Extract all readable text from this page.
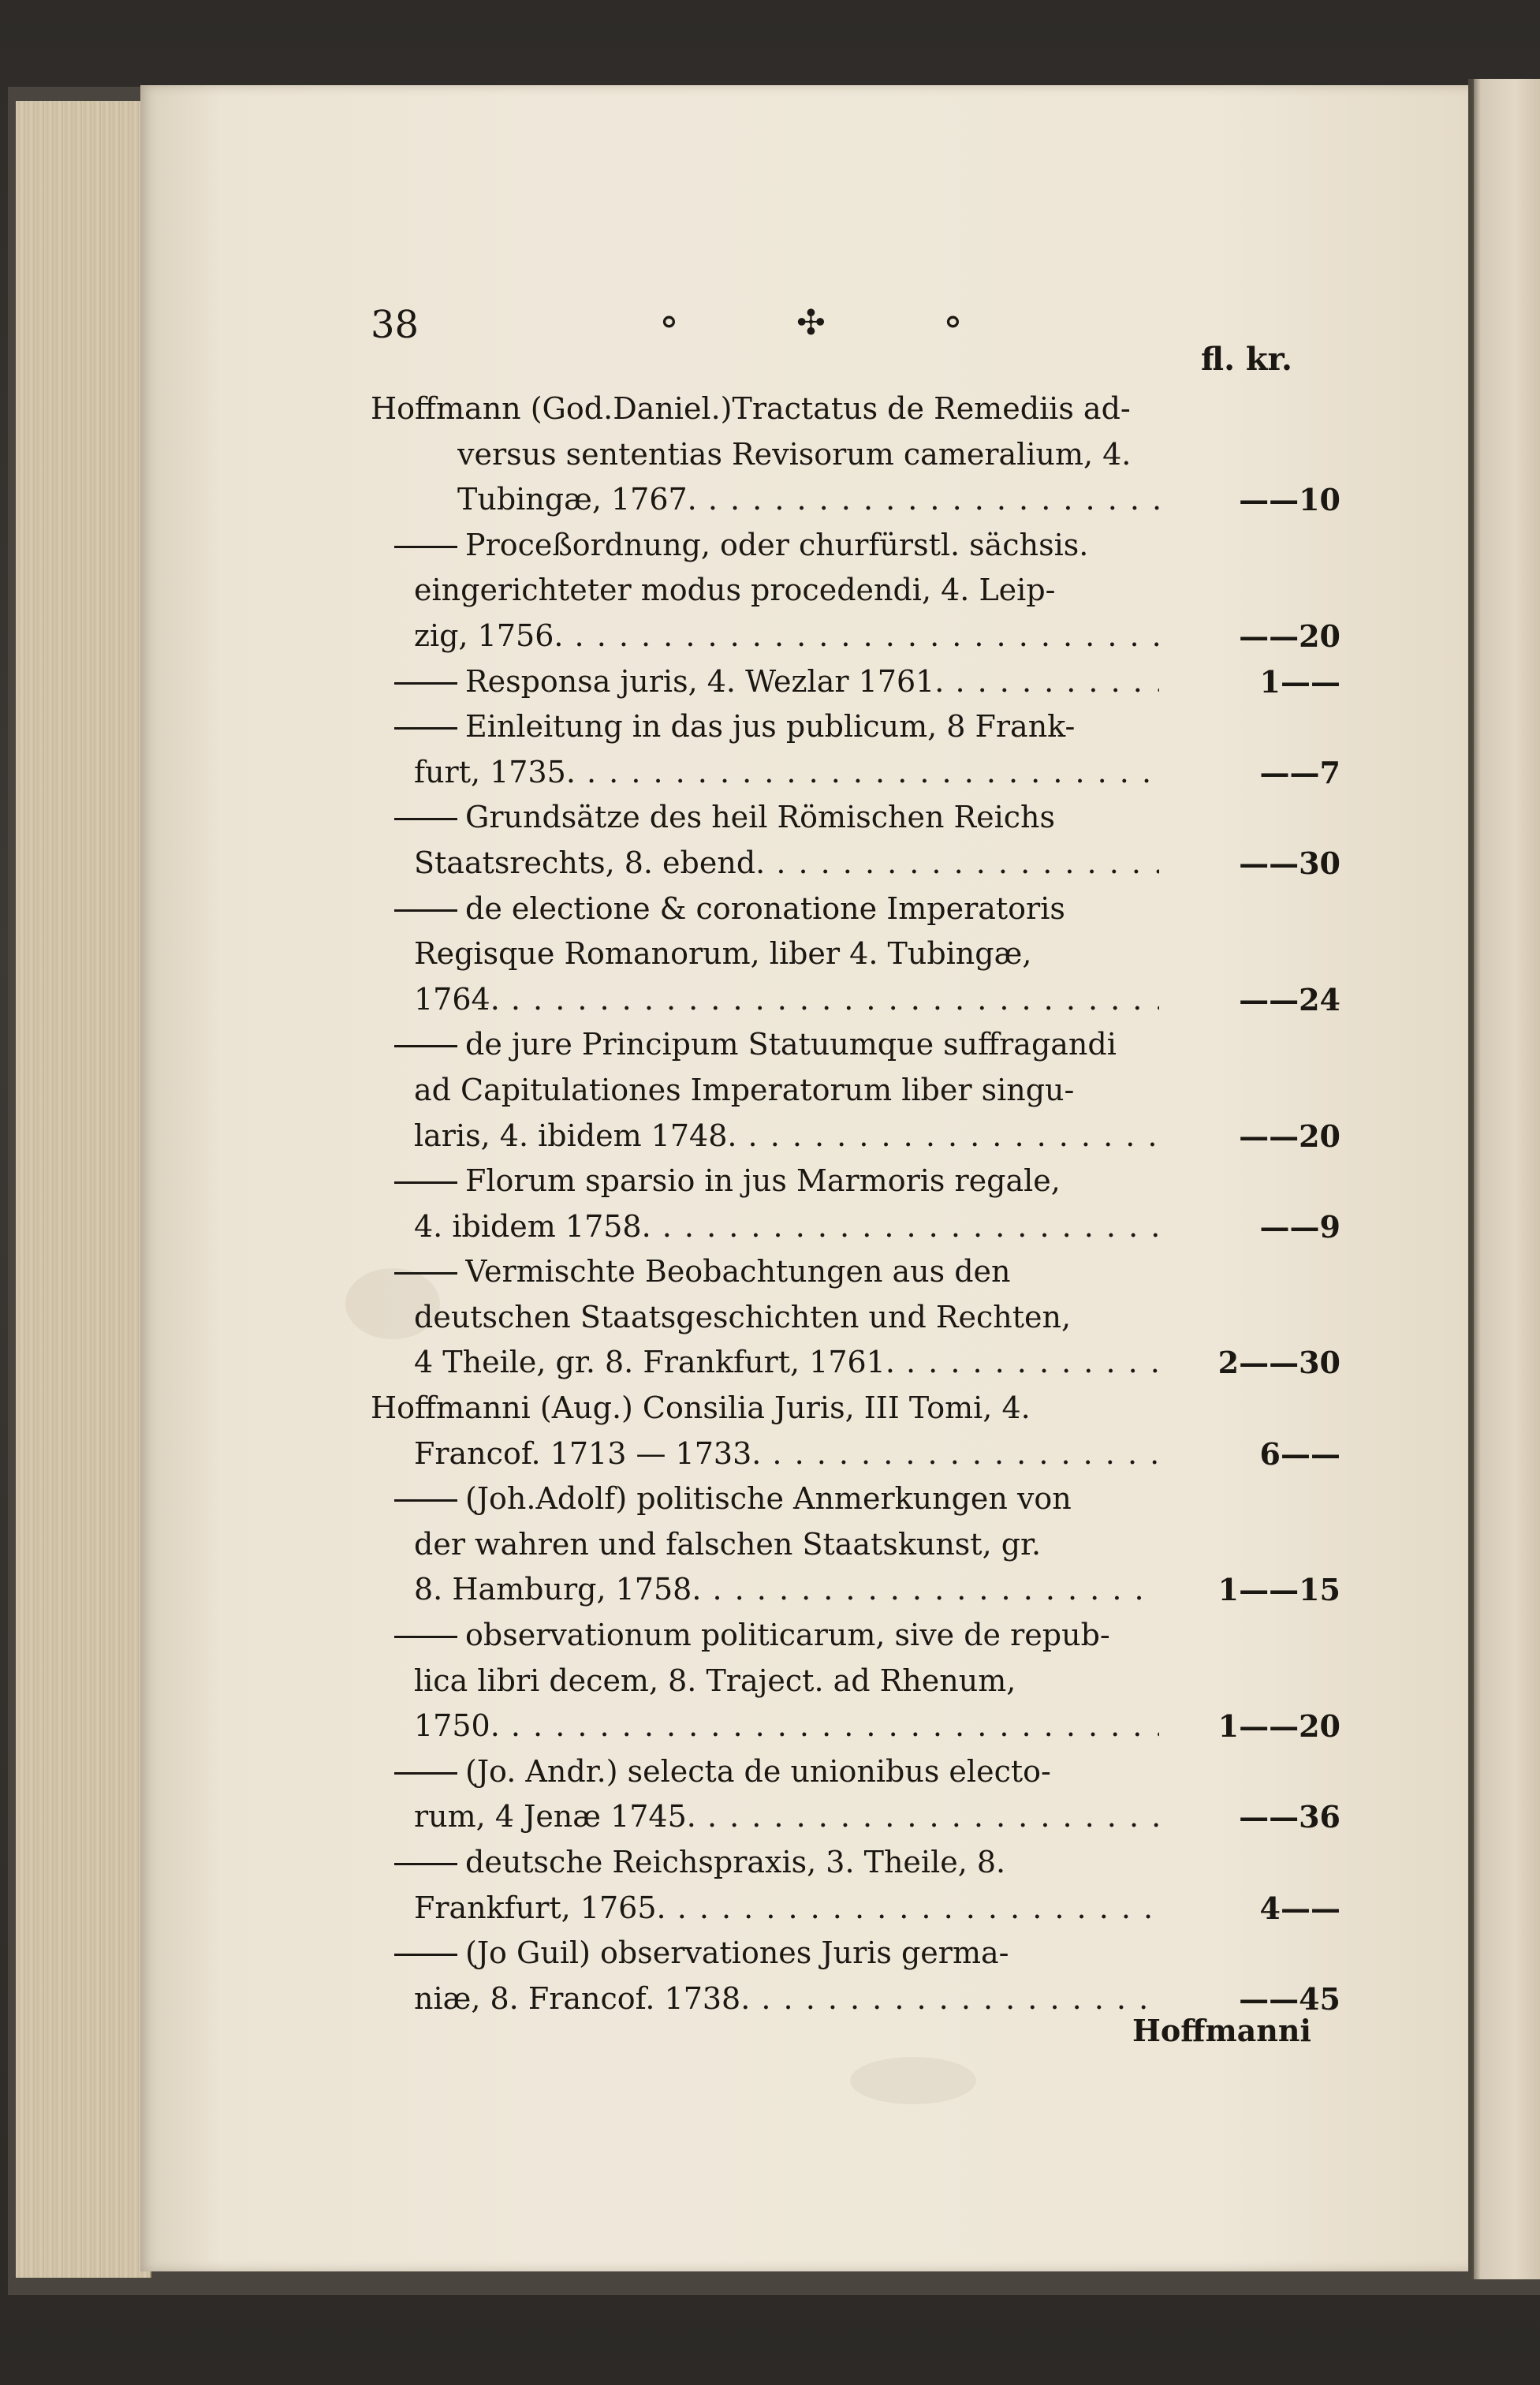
38	⚬	✣	⚬
fl. kr.
Hoffmann (God.Daniel.)Tractatus de Remediis ad-
versus sententias Revisorum cameralium, 4.
Tubingæ, 1767. . . .	——10
Proceßordnung, oder churfürstl. sächsis.
eingerichteter modus procedendi, 4. Leip-
zig, 1756. . . .	——20
Responsa juris, 4. Wezlar 1761. . . .	1——
Einleitung in das jus publicum, 8 Frank-
furt, 1735. . . .	——7
Grundsätze des heil Römischen Reichs
Staatsrechts, 8. ebend. . . .	——30
de electione & coronatione Imperatoris
Regisque Romanorum, liber 4. Tubingæ,
1764. . . .	——24
de jure Principum Statuumque suffragandi
ad Capitulationes Imperatorum liber singu-
laris, 4. ibidem 1748. . . .	——20
Florum sparsio in jus Marmoris regale,
4. ibidem 1758. . . .	——9
Vermischte Beobachtungen aus den
deutschen Staatsgeschichten und Rechten,
4 Theile, gr. 8. Frankfurt, 1761. . . .	2——30
Hoffmanni (Aug.) Consilia Juris, III Tomi, 4.
Francof. 1713 — 1733. . . .	6——
(Joh.Adolf) politische Anmerkungen von
der wahren und falschen Staatskunst, gr.
8. Hamburg, 1758. . . .	1——15
observationum politicarum, sive de repub-
lica libri decem, 8. Traject. ad Rhenum,
1750. . . .	1——20
(Jo. Andr.) selecta de unionibus electo-
rum, 4 Jenæ 1745. . . .	——36
deutsche Reichspraxis, 3. Theile, 8.
Frankfurt, 1765. . . .	4——
(Jo Guil) observationes Juris germa-
niæ, 8. Francof. 1738. . . .	——45
Hoffmanni
